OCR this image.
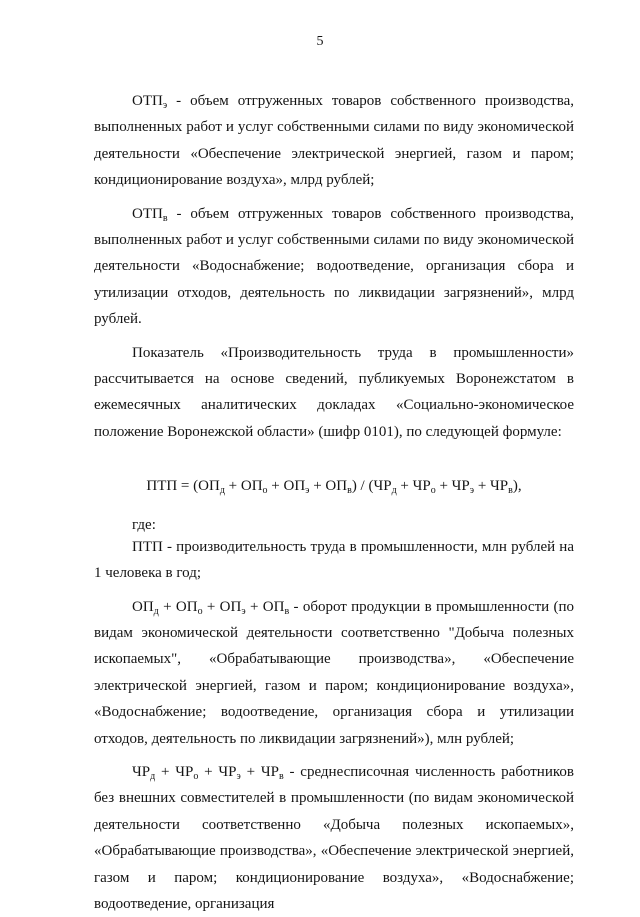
5

$ОТП_э$ - объем отгруженных товаров собственного производства, выполненных работ и услуг собственными силами по виду экономической деятельности «Обеспечение электрической энергией, газом и паром; кондиционирование воздуха», млрд рублей;

$ОТП_в$ - объем отгруженных товаров собственного производства, выполненных работ и услуг собственными силами по виду экономической деятельности «Водоснабжение; водоотведение, организация сбора и утилизации отходов, деятельность по ликвидации загрязнений», млрд рублей.

Показатель «Производительность труда в промышленности» рассчитывается на основе сведений, публикуемых Воронежстатом в ежемесячных аналитических докладах «Социально-экономическое положение Воронежской области» (шифр 0101), по следующей формуле:

ПТП = $(ОП_д + ОП_о + ОП_э + ОП_в) / (ЧР_д + ЧР_о + ЧР_э + ЧР_в)$,

где:

ПТП - производительность труда в промышленности, млн рублей на 1 человека в год;

$ОП_д + ОП_о + ОП_э + ОП_в$ - оборот продукции в промышленности (по видам экономической деятельности соответственно "Добыча полезных ископаемых", «Обрабатывающие производства», «Обеспечение электрической энергией, газом и паром; кондиционирование воздуха», «Водоснабжение; водоотведение, организация сбора и утилизации отходов, деятельность по ликвидации загрязнений»), млн рублей;

$ЧР_д + ЧР_о + ЧР_э + ЧР_в$ - среднесписочная численность работников без внешних совместителей в промышленности (по видам экономической деятельности соответственно «Добыча полезных ископаемых», «Обрабатывающие производства», «Обеспечение электрической энергией, газом и паром; кондиционирование воздуха», «Водоснабжение; водоотведение, организация
